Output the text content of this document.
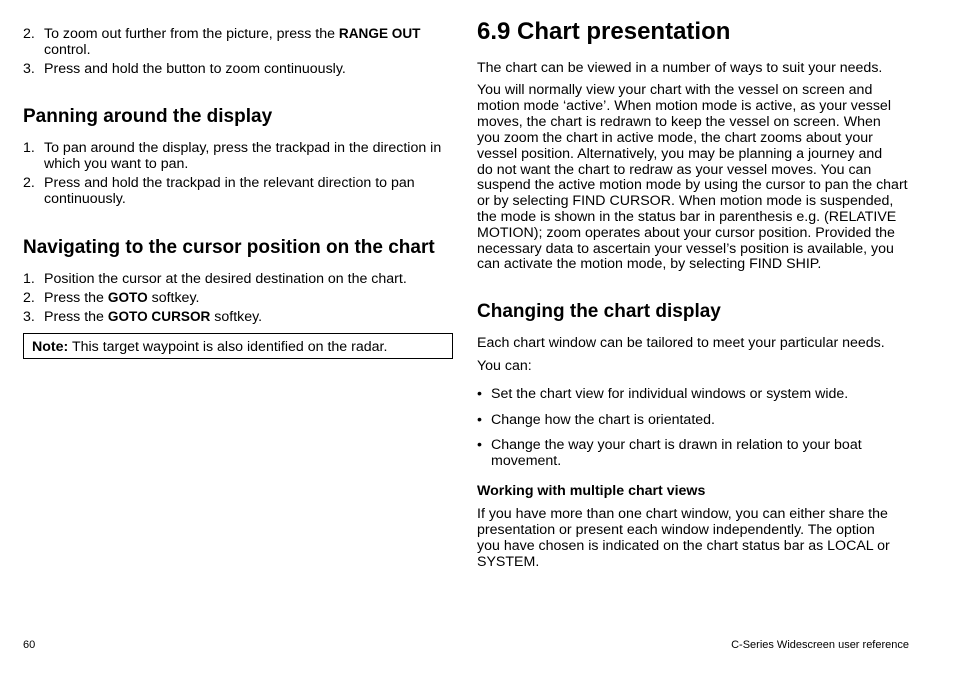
2. To zoom out further from the picture, press the RANGE OUT
control.
3. Press and hold the button to zoom continuously.
Panning around the display
1. To pan around the display, press the trackpad in the direction in
which you want to pan.
2. Press and hold the trackpad in the relevant direction to pan
continuously.
Navigating to the cursor position on the chart
1. Position the cursor at the desired destination on the chart.
2. Press the GOTO softkey.
3. Press the GOTO CURSOR softkey.
Note: This target waypoint is also identified on the radar.
6.9 Chart presentation
The chart can be viewed in a number of ways to suit your needs.
You will normally view your chart with the vessel on screen and
motion mode ‘active’. When motion mode is active, as your vessel
moves, the chart is redrawn to keep the vessel on screen. When
you zoom the chart in active mode, the chart zooms about your
vessel position. Alternatively, you may be planning a journey and
do not want the chart to redraw as your vessel moves. You can
suspend the active motion mode by using the cursor to pan the chart
or by selecting FIND CURSOR. When motion mode is suspended,
the mode is shown in the status bar in parenthesis e.g. (RELATIVE
MOTION); zoom operates about your cursor position. Provided the
necessary data to ascertain your vessel’s position is available, you
can activate the motion mode, by selecting FIND SHIP.
Changing the chart display
Each chart window can be tailored to meet your particular needs.
You can:
• Set the chart view for individual windows or system wide.
• Change how the chart is orientated.
• Change the way your chart is drawn in relation to your boat
movement.
Working with multiple chart views
If you have more than one chart window, you can either share the
presentation or present each window independently. The option
you have chosen is indicated on the chart status bar as LOCAL or
SYSTEM.
60	C-Series Widescreen user reference
